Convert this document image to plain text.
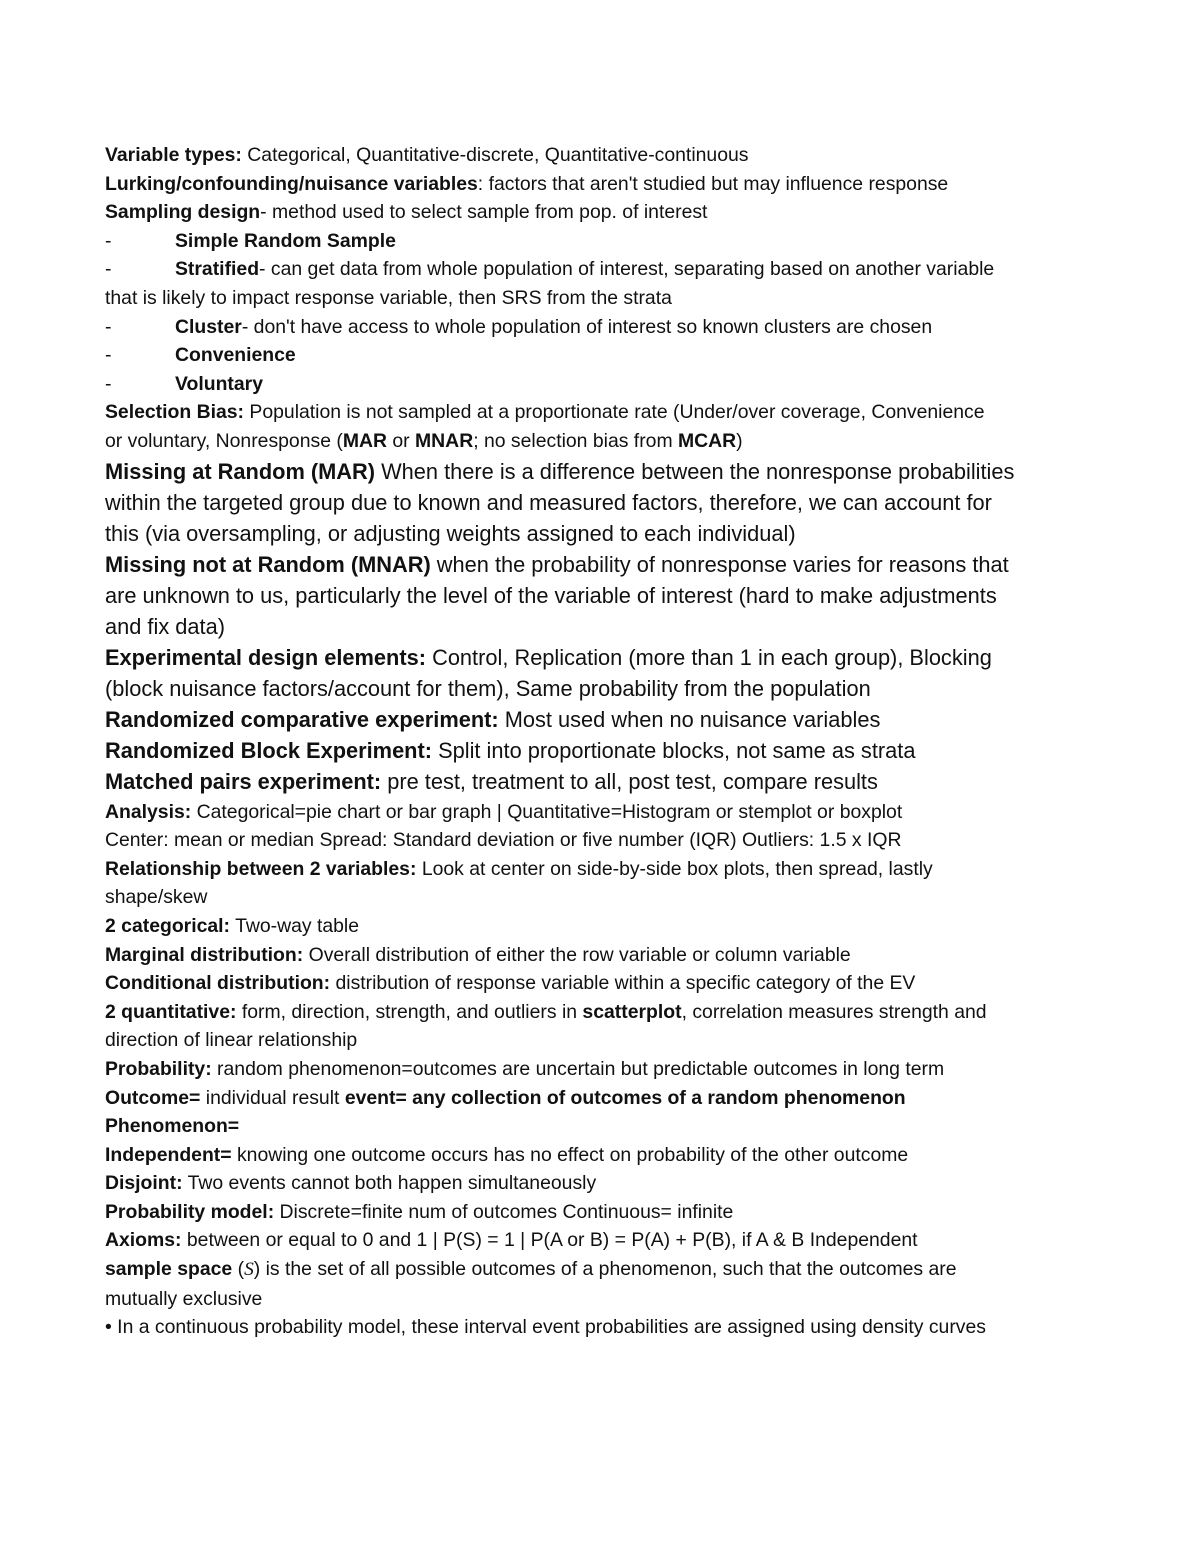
Variable types: Categorical, Quantitative-discrete, Quantitative-continuous

Lurking/confounding/nuisance variables: factors that aren't studied but may influence response

Sampling design- method used to select sample from pop. of interest

-	Simple Random Sample

-	Stratified- can get data from whole population of interest, separating based on another variable

that is likely to impact response variable, then SRS from the strata

-	Cluster- don't have access to whole population of interest so known clusters are chosen

-	Convenience

-	Voluntary

Selection Bias: Population is not sampled at a proportionate rate (Under/over coverage, Convenience

or voluntary, Nonresponse (MAR or MNAR; no selection bias from MCAR)

Missing at Random (MAR) When there is a difference between the nonresponse probabilities

within the targeted group due to known and measured factors, therefore, we can account for

this (via oversampling, or adjusting weights assigned to each individual)

Missing not at Random (MNAR) when the probability of nonresponse varies for reasons that

are unknown to us, particularly the level of the variable of interest (hard to make adjustments

and fix data)

Experimental design elements: Control, Replication (more than 1 in each group), Blocking

(block nuisance factors/account for them), Same probability from the population

Randomized comparative experiment: Most used when no nuisance variables

Randomized Block Experiment: Split into proportionate blocks, not same as strata

Matched pairs experiment: pre test, treatment to all, post test, compare results

Analysis: Categorical=pie chart or bar graph | Quantitative=Histogram or stemplot or boxplot

Center: mean or median Spread: Standard deviation or five number (IQR) Outliers: 1.5 x IQR

Relationship between 2 variables: Look at center on side-by-side box plots, then spread, lastly

shape/skew

2 categorical: Two-way table

Marginal distribution: Overall distribution of either the row variable or column variable

Conditional distribution: distribution of response variable within a specific category of the EV

2 quantitative: form, direction, strength, and outliers in scatterplot, correlation measures strength and

direction of linear relationship

Probability: random phenomenon=outcomes are uncertain but predictable outcomes in long term

Outcome= individual result event= any collection of outcomes of a random phenomenon

Phenomenon=

Independent= knowing one outcome occurs has no effect on probability of the other outcome

Disjoint: Two events cannot both happen simultaneously

Probability model: Discrete=finite num of outcomes Continuous= infinite

Axioms: between or equal to 0 and 1 | P(S) = 1 | P(A or B) = P(A) + P(B), if A & B Independent

sample space (S) is the set of all possible outcomes of a phenomenon, such that the outcomes are

mutually exclusive

• In a continuous probability model, these interval event probabilities are assigned using density curves
